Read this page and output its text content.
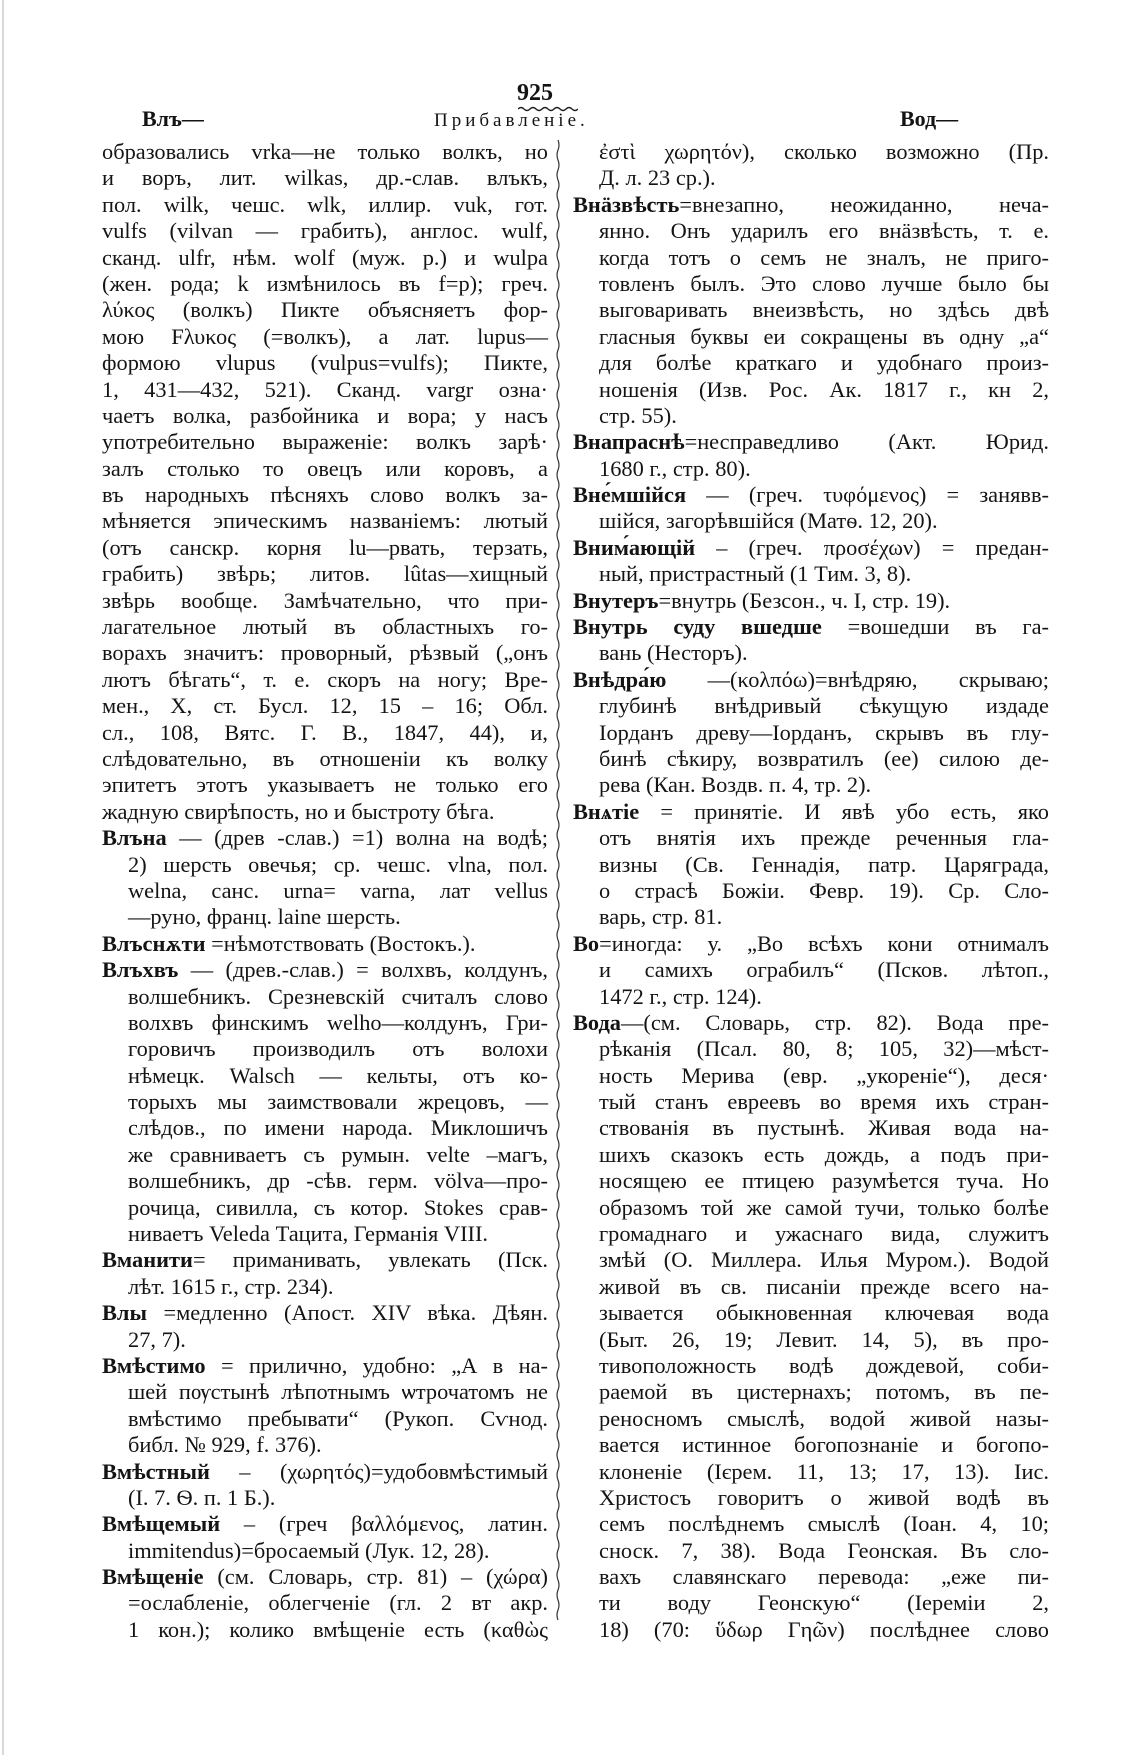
925
Влъ—	Прибавленіе.	Вод—
образовались vrka—не только волкъ, но
и воръ, лит. wilkas, др.-слав. влъкъ,
пол. wilk, чешс. wlk, иллир. vuk, гот.
vulfs (vilvan — грабить), англос. wulf,
сканд. ulfr, нѣм. wolf (муж. р.) и wulpa
(жен. рода; k измѣнилось въ f=p); греч.
λύκος (волкъ) Пикте объясняетъ фор-
мою Fλυκος (=волкъ), а лат. lupus—
формою vlupus (vulpus=vulfs); Пикте,
1, 431—432, 521). Сканд. vargr озна·
чаетъ волка, разбойника и вора; у насъ
употребительно выраженіе: волкъ зарѣ·
залъ столько то овецъ или коровъ, а
въ народныхъ пѣсняхъ слово волкъ за-
мѣняется эпическимъ названіемъ: лютый
(отъ санскр. корня lu—рвать, терзать,
грабить) звѣрь; литов. lûtas—хищный
звѣрь вообще. Замѣчательно, что при-
лагательное лютый въ областныхъ го-
ворахъ значитъ: проворный, рѣзвый („онъ
лютъ бѣгать“, т. е. скоръ на ногу; Вре-
мен., X, ст. Бусл. 12, 15 – 16; Обл.
сл., 108, Вятс. Г. В., 1847, 44), и,
слѣдовательно, въ отношеніи къ волку
эпитетъ этотъ указываетъ не только его
жадную свирѣпость, но и быстроту бѣга.
Влъна — (древ -слав.) =1) волна на водѣ;
2) шерсть овечья; ср. чешс. vlna, пол.
welna, санс. urna= varna, лат vellus
—руно, франц. laine шерсть.
Влъснѫти =нѣмотствовать (Востокъ.).
Влъхвъ — (древ.-слав.) = волхвъ, колдунъ,
волшебникъ. Срезневскій считалъ слово
волхвъ финскимъ welho—колдунъ, Гри-
горовичъ производилъ отъ волохи
нѣмецк. Walsch — кельты, отъ ко-
торыхъ мы заимствовали жрецовъ, —
слѣдов., по имени народа. Миклошичъ
же сравниваетъ съ румын. velte –магъ,
волшебникъ, др -сѣв. герм. völva—про-
рочица, сивилла, съ котор. Stokes срав-
ниваетъ Veleda Тацита, Германія VIII.
Вманити= приманивать, увлекать (Пск.
лѣт. 1615 г., стр. 234).
Влы =медленно (Апост. XIV вѣка. Дѣян.
27, 7).
Вмѣстимо = прилично, удобно: „А в на-
шей пѹстынѣ лѣпотнымъ ѡтрочатомъ не
вмѣстимо пребывати“ (Рукоп. Сѵнод.
библ. № 929, f. 376).
Вмѣстный – (χωρητός)=удобовмѣстимый
(I. 7. Ѳ. п. 1 Б.).
Вмѣщемый – (греч βαλλόμενος, латин.
immitendus)=бросаемый (Лук. 12, 28).
Вмѣщеніе (см. Словарь, стр. 81) – (χώρα)
=ослабленіе, облегченіе (гл. 2 вт акр.
1 кон.); колико вмѣщеніе есть (καθὼς
ἐστὶ χωρητόν), сколько возможно (Пр.
Д. л. 23 ср.).
Внäзвѣсть=внезапно, неожиданно, неча-
янно. Онъ ударилъ его внäзвѣсть, т. е.
когда тотъ о семъ не зналъ, не приго-
товленъ былъ. Это слово лучше было бы
выговаривать внеизвѣсть, но здѣсь двѣ
гласныя буквы еи сокращены въ одну „а“
для болѣе краткаго и удобнаго произ-
ношенія (Изв. Рос. Ак. 1817 г., кн 2,
стр. 55).
Внапраснѣ=несправедливо (Акт. Юрид.
1680 г., стр. 80).
Вне́мшійся — (греч. τυφόμενος) = занявв-
шійся, загорѣвшійся (Матѳ. 12, 20).
Вним́ающій – (греч. προσέχων) = предан-
ный, пристрастный (1 Тим. 3, 8).
Внутеръ=внутрь (Безсон., ч. I, стр. 19).
Внутрь суду вшедше =вошедши въ га-
вань (Несторъ).
Внѣдра́ю —(κολπόω)=внѣдряю, скрываю;
глубинѣ внѣдривый сѣкущую издаде
Іорданъ древу—Іорданъ, скрывъ въ глу-
бинѣ сѣкиру, возвратилъ (ее) силою де-
рева (Кан. Воздв. п. 4, тр. 2).
Внѧтіе = принятіе. И явѣ убо есть, яко
отъ внятія ихъ прежде реченныя гла-
визны (Св. Геннадія, патр. Царяграда,
о страсѣ Божіи. Февр. 19). Ср. Сло-
варь, стр. 81.
Во=иногда: у. „Во всѣхъ кони отнималъ
и самихъ ограбилъ“ (Псков. лѣтоп.,
1472 г., стр. 124).
Вода—(см. Словарь, стр. 82). Вода пре-
рѣканія (Псал. 80, 8; 105, 32)—мѣст-
ность Мерива (евр. „укореніе“), деся·
тый станъ евреевъ во время ихъ стран-
ствованія въ пустынѣ. Живая вода на-
шихъ сказокъ есть дождь, а подъ при-
носящею ее птицею разумѣется туча. Но
образомъ той же самой тучи, только болѣе
громаднаго и ужаснаго вида, служитъ
змѣй (О. Миллера. Илья Муром.). Водой
живой въ св. писаніи прежде всего на-
зывается обыкновенная ключевая вода
(Быт. 26, 19; Левит. 14, 5), въ про-
тивоположность водѣ дождевой, соби-
раемой въ цистернахъ; потомъ, въ пе-
реносномъ смыслѣ, водой живой назы-
вается истинное богопознаніе и богопо-
клоненіе (Ієрем. 11, 13; 17, 13). Іис.
Христосъ говоритъ о живой водѣ въ
семъ послѣднемъ смыслѣ (Іоан. 4, 10;
сноск. 7, 38). Вода Геонская. Въ сло-
вахъ славянскаго перевода: „еже пи-
ти воду Геонскую“ (Іереміи 2,
18) (70: ὕδωρ Γηῶν) послѣднее слово
